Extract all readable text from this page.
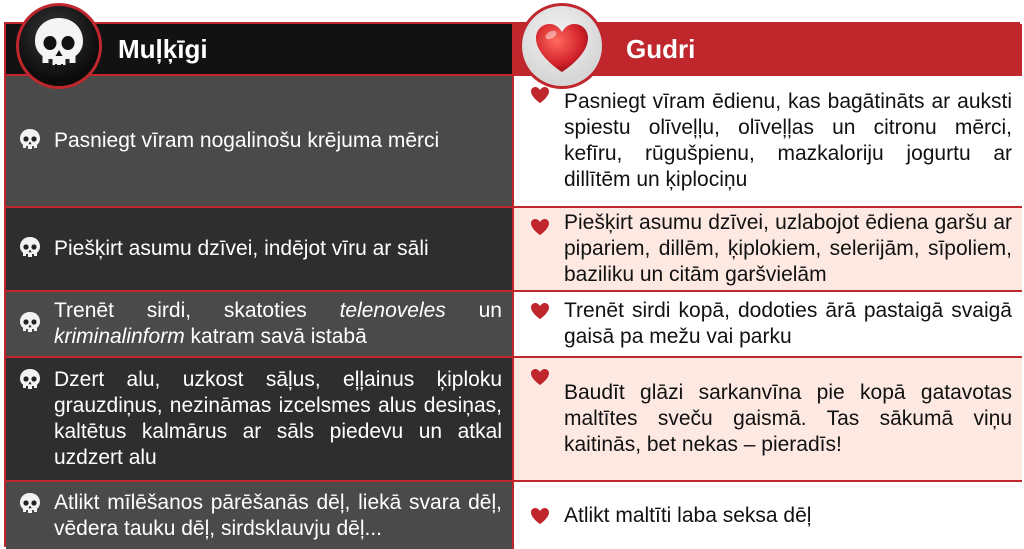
Muļķīgi	Gudri
Pasniegt vīram nogalinošu krējuma mērci
Pasniegt vīram ēdienu, kas bagātināts ar auksti spiestu olīveļļu, olīveļļas un citronu mērci, kefīru, rūgušpienu, mazkaloriju jogurtu ar dillītēm un ķiplociņu
Piešķirt asumu dzīvei, indējot vīru ar sāli
Piešķirt asumu dzīvei, uzlabojot ēdiena garšu ar pipariem, dillēm, ķiplokiem, selerijām, sīpoliem, baziliku un citām garšvielām
Trenēt sirdi, skatoties telenoveles un kriminalinform katram savā istabā
Trenēt sirdi kopā, dodoties ārā pastaigā svaigā gaisā pa mežu vai parku
Dzert alu, uzkost sāļus, eļļainus ķiploku grauzdiņus, nezināmas izcelsmes alus desiņas, kaltētus kalmārus ar sāls piedevu un atkal uzdzert alu
Baudīt glāzi sarkanvīna pie kopā gatavotas maltītes sveču gaismā. Tas sākumā viņu kaitinās, bet nekas – pieradīs!
Atlikt mīlēšanos pārēšanās dēļ, liekā svara dēļ, vēdera tauku dēļ, sirdsklauvju dēļ...
Atlikt maltīti laba seksa dēļ
